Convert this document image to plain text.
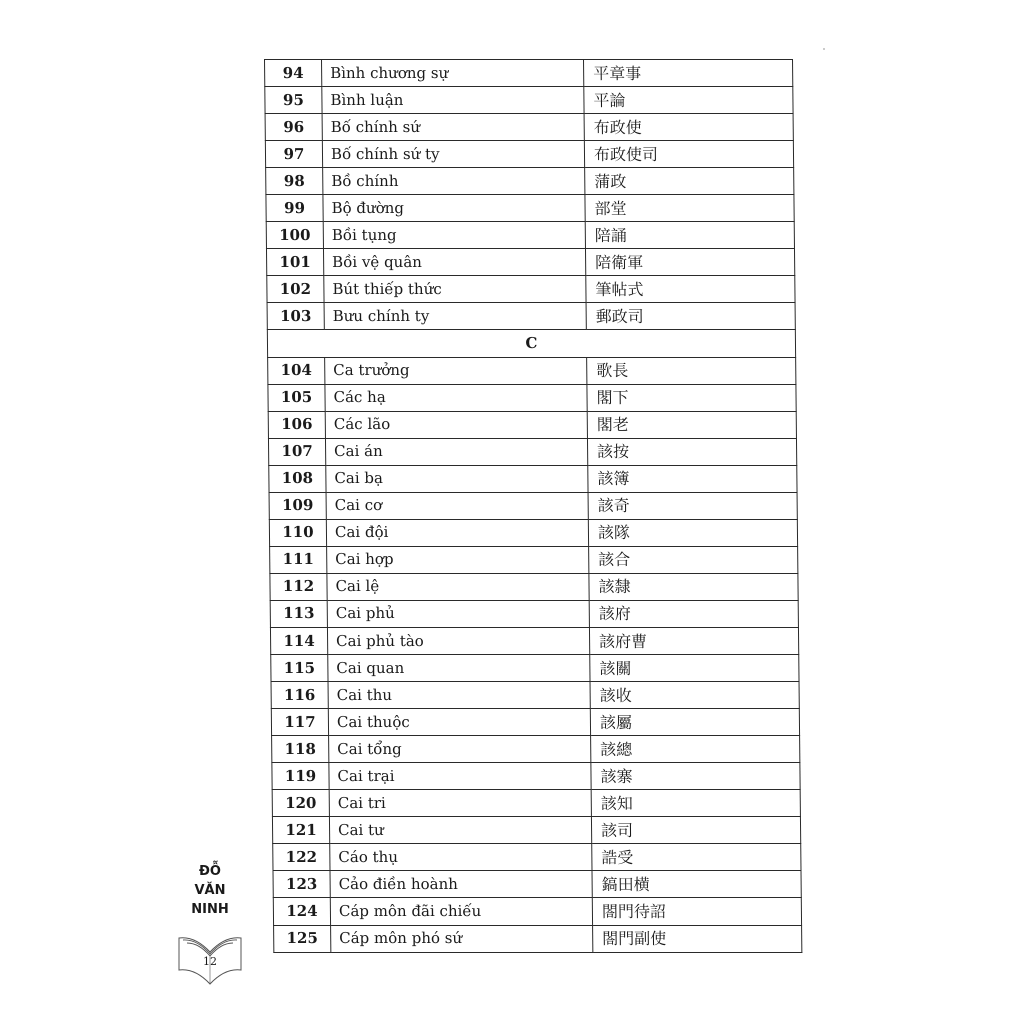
94	Bình chương sự	平章事
95	Bình luận	平論
96	Bố chính sứ	布政使
97	Bố chính sứ ty	布政使司
98	Bồ chính	蒲政
99	Bộ đường	部堂
100	Bồi tụng	陪誦
101	Bồi vệ quân	陪衛軍
102	Bút thiếp thức	筆帖式
103	Bưu chính ty	郵政司
C		
104	Ca trưởng	歌長
105	Các hạ	閣下
106	Các lão	閣老
107	Cai án	該按
108	Cai bạ	該簿
109	Cai cơ	該奇
110	Cai đội	該隊
111	Cai hợp	該合
112	Cai lệ	該隸
113	Cai phủ	該府
114	Cai phủ tào	該府曹
115	Cai quan	該關
116	Cai thu	該收
117	Cai thuộc	該屬
118	Cai tổng	該總
119	Cai trại	該寨
120	Cai tri	該知
121	Cai tư	該司
122	Cáo thụ	誥受
123	Cảo điền hoành	鎬田横
124	Cáp môn đãi chiếu	閤門待詔
125	Cáp môn phó sứ	閤門副使
ĐỖ
VĂN
NINH
12
